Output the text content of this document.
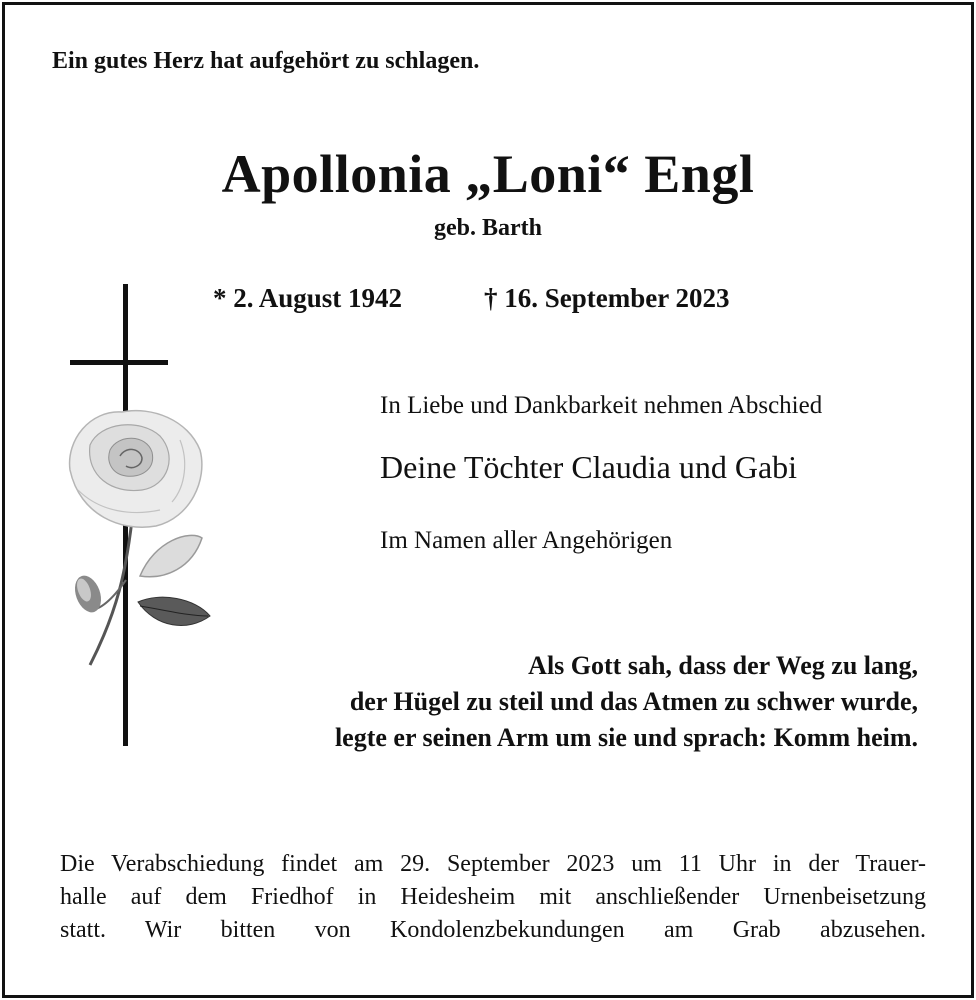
Ein gutes Herz hat aufgehört zu schlagen.
Apollonia „Loni“ Engl
geb. Barth
* 2. August 1942	† 16. September 2023
In Liebe und Dankbarkeit nehmen Abschied
Deine Töchter Claudia und Gabi
Im Namen aller Angehörigen
Als Gott sah, dass der Weg zu lang,
der Hügel zu steil und das Atmen zu schwer wurde,
legte er seinen Arm um sie und sprach: Komm heim.
Die Verabschiedung findet am 29. September 2023 um 11 Uhr in der Trauer-
halle auf dem Friedhof in Heidesheim mit anschließender Urnenbeisetzung
statt. Wir bitten von Kondolenzbekundungen am Grab abzusehen.
